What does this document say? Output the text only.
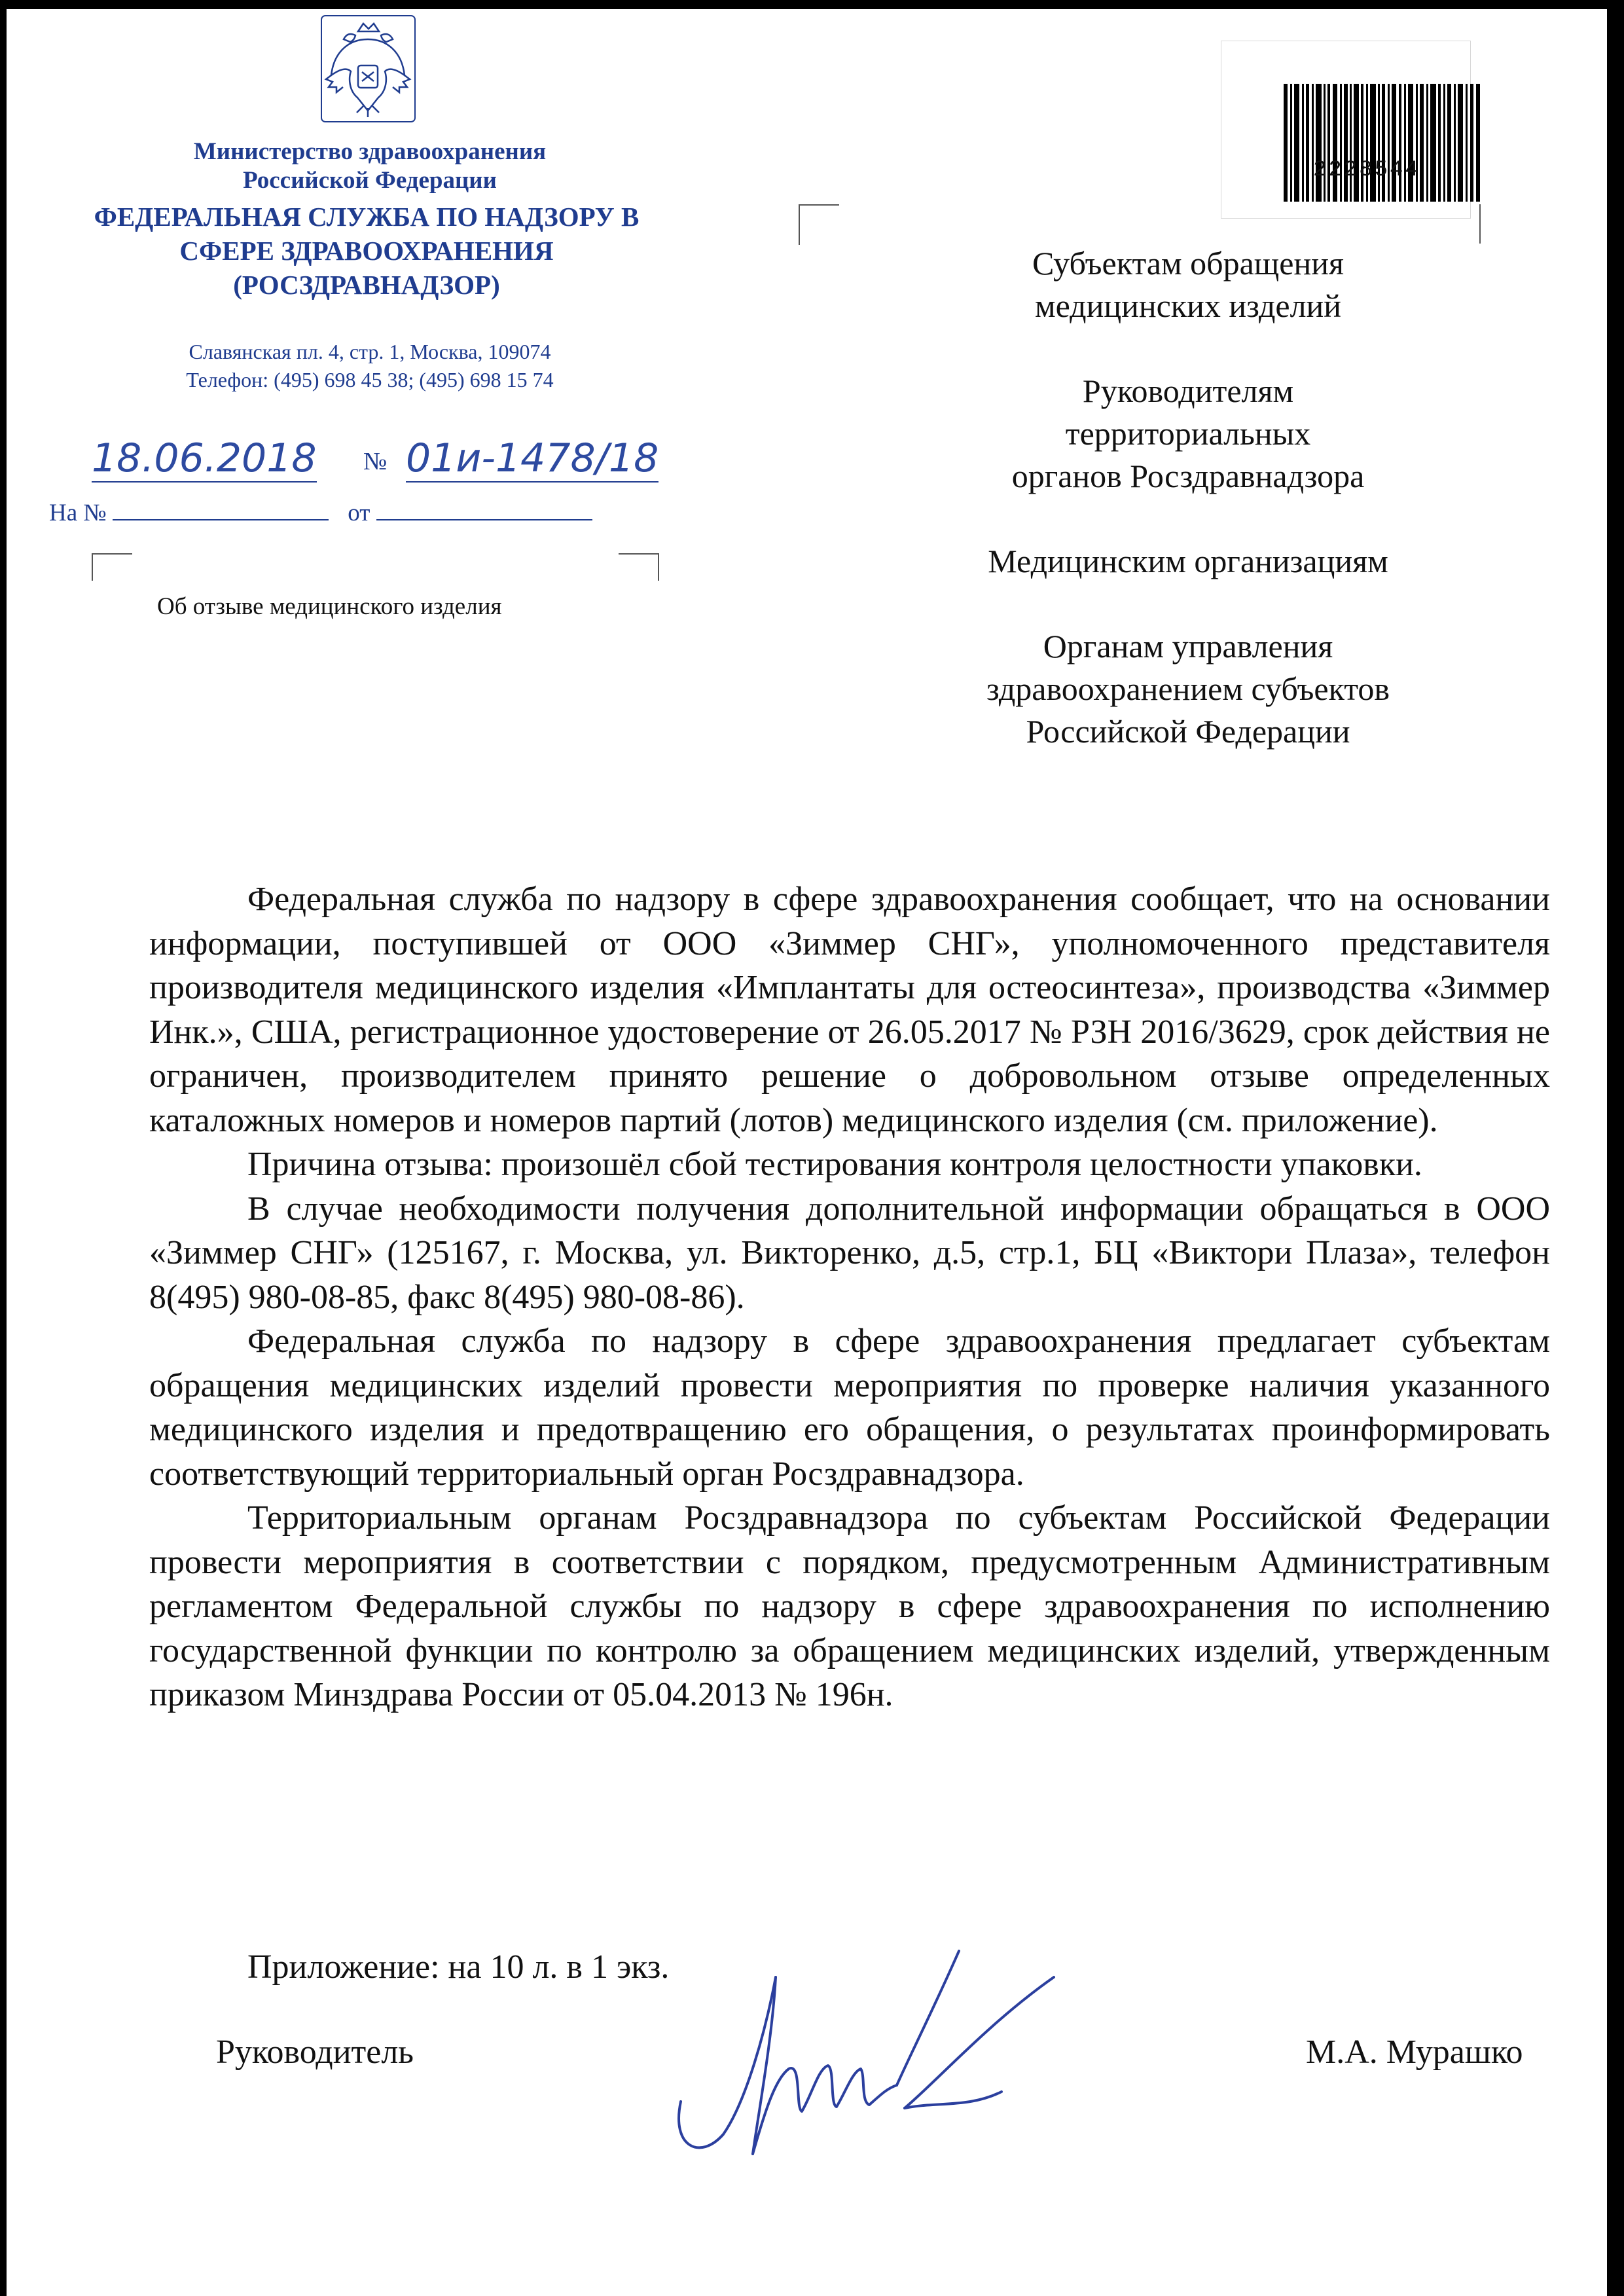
Министерство здравоохранения Российской Федерации
ФЕДЕРАЛЬНАЯ СЛУЖБА ПО НАДЗОРУ В СФЕРЕ ЗДРАВООХРАНЕНИЯ (РОСЗДРАВНАДЗОР)
Славянская пл. 4, стр. 1, Москва, 109074
Телефон: (495) 698 45 38; (495) 698 15 74
18.06.2018 № 01и-1478/18
На №	от
Об отзыве медицинского изделия
2228544
Субъектам обращения
медицинских изделий
Руководителям
территориальных
органов Росздравнадзора
Медицинским организациям
Органам управления
здравоохранением субъектов
Российской Федерации

Федеральная служба по надзору в сфере здравоохранения сообщает, что на основании информации, поступившей от ООО «Зиммер СНГ», уполномоченного представителя производителя медицинского изделия «Имплантаты для остеосинтеза», производства «Зиммер Инк.», США, регистрационное удостоверение от 26.05.2017 № РЗН 2016/3629, срок действия не ограничен, производителем принято решение о добровольном отзыве определенных каталожных номеров и номеров партий (лотов) медицинского изделия (см. приложение).

Причина отзыва: произошёл сбой тестирования контроля целостности упаковки.

В случае необходимости получения дополнительной информации обращаться в ООО «Зиммер СНГ» (125167, г. Москва, ул. Викторенко, д.5, стр.1, БЦ «Виктори Плаза», телефон 8(495) 980-08-85, факс 8(495) 980-08-86).

Федеральная служба по надзору в сфере здравоохранения предлагает субъектам обращения медицинских изделий провести мероприятия по проверке наличия указанного медицинского изделия и предотвращению его обращения, о результатах проинформировать соответствующий территориальный орган Росздравнадзора.

Территориальным органам Росздравнадзора по субъектам Российской Федерации провести мероприятия в соответствии с порядком, предусмотренным Административным регламентом Федеральной службы по надзору в сфере здравоохранения по исполнению государственной функции по контролю за обращением медицинских изделий, утвержденным приказом Минздрава России от 05.04.2013 № 196н.

Приложение: на 10 л. в 1 экз.
Руководитель	М.А. Мурашко
